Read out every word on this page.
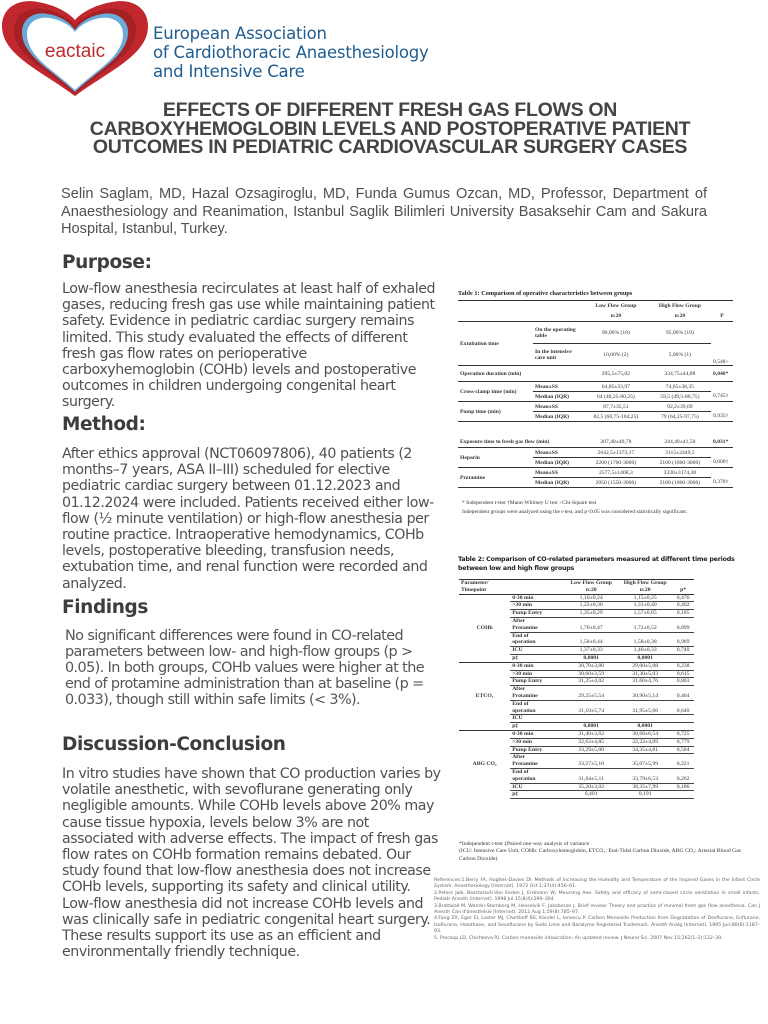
eactaic
European Association
of Cardiothoracic Anaesthesiology
and Intensive Care
EFFECTS OF DIFFERENT FRESH GAS FLOWS ON
CARBOXYHEMOGLOBIN LEVELS AND POSTOPERATIVE PATIENT
OUTCOMES IN PEDIATRIC CARDIOVASCULAR SURGERY CASES
Selin Saglam, MD, Hazal Ozsagiroglu, MD, Funda Gumus Ozcan, MD, Professor, Department of Anaesthesiology and Reanimation, Istanbul Saglik Bilimleri University Basaksehir Cam and Sakura Hospital, Istanbul, Turkey.
Purpose:
Low-flow anesthesia recirculates at least half of exhaled gases, reducing fresh gas use while maintaining patient safety. Evidence in pediatric cardiac surgery remains limited. This study evaluated the effects of different fresh gas flow rates on perioperative carboxyhemoglobin (COHb) levels and postoperative outcomes in children undergoing congenital heart surgery.
Method:
After ethics approval (NCT06097806), 40 patients (2 months–7 years, ASA II–III) scheduled for elective pediatric cardiac surgery between 01.12.2023 and 01.12.2024 were included. Patients received either low-flow (½ minute ventilation) or high-flow anesthesia per routine practice. Intraoperative hemodynamics, COHb levels, postoperative bleeding, transfusion needs, extubation time, and renal function were recorded and analyzed.
Findings
No significant differences were found in CO-related parameters between low- and high-flow groups (p > 0.05). In both groups, COHb values were higher at the end of protamine administration than at baseline (p = 0.033), though still within safe limits (< 3%).
Discussion-Conclusion
In vitro studies have shown that CO production varies by volatile anesthetic, with sevoflurane generating only negligible amounts. While COHb levels above 20% may cause tissue hypoxia, levels below 3% are not associated with adverse effects. The impact of fresh gas flow rates on COHb formation remains debated. Our study found that low-flow anesthesia does not increase COHb levels, supporting its safety and clinical utility.
Low-flow anesthesia did not increase COHb levels and was clinically safe in pediatric congenital heart surgery. These results support its use as an efficient and environmentally friendly technique.
Table 1: Comparison of operative characteristics between groups
		Low Flow Group	High Flow Group	
		n:20	n:20	P
Extubation time	On the operating table	90,00% (18)	95,00% (19)	
	In the intensive care unit	10,00% (2)	5,00% (1)	0,548÷
Operation duration (min)		295,5±75,02	334,75±44,88	0,048*
Cross-clamp time (min)	Mean±SS	64,85±33,97	74,65±38,35	
	Median (IQR)	64 (40,25-80,25)	59,5 (49,5-80,75)	0,745†
Pump time (min)	Mean±SS	87,7±35,51	92,2±39,69	
	Median (IQR)	82,5 (60,75-104,25)	79 (64,25-97,75)	0,935†
Exposure time to fresh gas flow (min)		207,40±40,78	244,40±41,50	0,031*
Heparin	Mean±SS	2642,5±1373,17	3115±2449,5	
	Median (IQR)	2200 (1700-3000)	2100 (1800-3000)	0,606†
Protamine	Mean±SS	2577,5±1468,3	3330±3174,38	
	Median (IQR)	2050 (1550-3000)	2100 (1800-3000)	0,378†
* Independent t-test †Mann-Whitney U test ÷Chi-Square test
Independent groups were analyzed using the t-test, and p<0.05 was considered statistically significant.
Table 2: Comparison of CO-related parameters measured at different time periods between low and high flow groups
Parameter/		Low Flow Group	High Flow Group	
Timepoint		n:20	n:20	p*
COHb	0-30 min	1,10±0,24	1,15±0,25	0,476
	>30 min	1,22±0,30	1,31±0,40	0,402
	Pump Entry	1,35±0,29	1,57±0,65	0,185

	After
Protamine	1,70±0,47	1,72±0,52	0,899

	End of
operation	1,58±0,44	1,58±0,38	0,969
	ICU	1,37±0,33	1,40±0,33	0,740
	p‡	0,0001	0,0001	
ETCO₂	0-30 min	30,70±3,80	29,00±5,08	0,238
	>30 min	30,60±3,59	31,30±5,03	0,615
	Pump Entry	31,25±4,02	31,60±4,76	0,803

	After
Protamine	29,25±5,54	30,90±5,14	0,464

	End of
operation	31,10±5,74	31,95±5,66	0,640
	ICU			
	p‡	0,0001	0,0001	
ABG CO₂	0-30 min	31,40±3,62	30,66±6,54	0,725
	>30 min	32,62±4,85	32,22±4,09	0,779
	Pump Entry	33,29±5,00	34,35±4,81	0,504

	After
Protamine	33,27±5,10	35,07±5,99	0,221

	End of
operation	31,64±5,11	33,79±6,53	0,262
	ICU	35,20±3,02	38,35±7,99	0,186
	p‡	0,401	0,191	
*Independent t-test ‡Paired one-way analysis of variance
(ICU: Intensive Care Unit, COHb: Carboxyhemoglobin, ETCO₂: End-Tidal Carbon Dioxide, ABG CO₂: Arterial Blood Gas Carbon Dioxide)
References:1.Berry FA, Hughes-Davies DI. Methods of Increasing the Humidity and Temperature of the Inspired Gases in the Infant Circle System. Anesthesiology [Internet]. 1972 Oct 1;37(4):456–61.
2.Peters Jwb, Bezstarosti-Van Eeden J, Erdmann W, Meursing Aee. Safety and efficacy of semi-closed circle ventilation in small infants. Pediatr Anesth [Internet]. 1998 Jul 15;8(4):299–304.
3.Brattwall M, Warrén-Stomberg M, Hesselvik F, Jakobsson J. Brief review: Theory and practice of minimal fresh gas flow anesthesia. Can J Anesth Can d'anesthésie [Internet]. 2012 Aug 1;59(8):785–97.
4.Fang ZX, Eger EI, Laster MJ, Chortkoff BS, Kandel L, Ionescu P. Carbon Monoxide Production from Degradation of Desflurane, Enflurane, Isoflurane, Halothane, and Sevoflurane by Soda Lime and Baralyme Registered Trademark. Anesth Analg [Internet]. 1995 Jun;80(6):1187–93.
5. Prockop LD, Chichkova RI. Carbon monoxide intoxication: An updated review. J Neurol Sci. 2007 Nov 15;262(1–2):122–30.
